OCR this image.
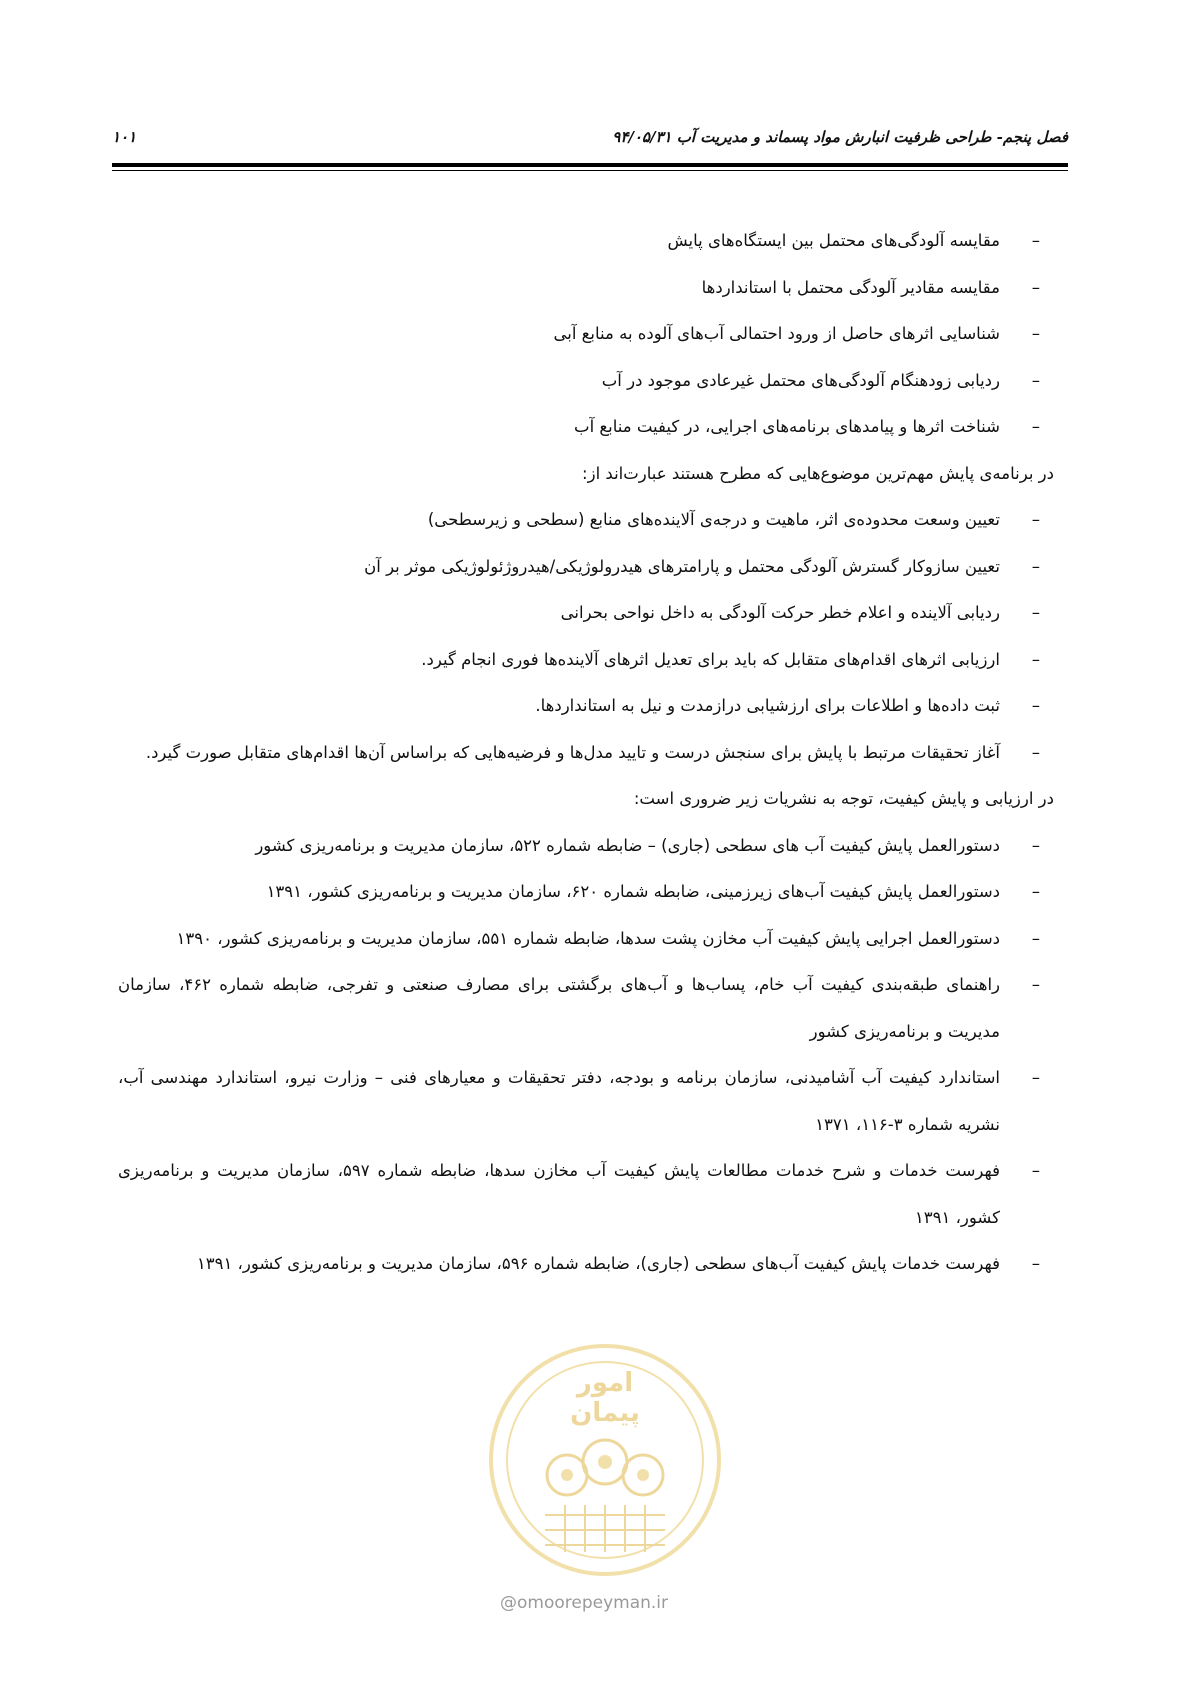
فصل پنجم- طراحی ظرفیت انبارش مواد پسماند و مدیریت آب ۹۴/۰۵/۳۱
۱۰۱

–
مقایسه آلودگی‌های محتمل بین ایستگاه‌های پایش

–
مقایسه مقادیر آلودگی محتمل با استانداردها

–
شناسایی اثرهای حاصل از ورود احتمالی آب‌های آلوده به منابع آبی

–
ردیابی زودهنگام آلودگی‌های محتمل غیرعادی موجود در آب

–
شناخت اثرها و پیامدهای برنامه‌های اجرایی، در کیفیت منابع آب

در برنامه‌ی پایش مهم‌ترین موضوع‌هایی که مطرح هستند عبارت‌اند از:

–
تعیین وسعت محدوده‌ی اثر، ماهیت و درجه‌ی آلاینده‌های منابع (سطحی و زیرسطحی)

–
تعیین سازوکار گسترش آلودگی محتمل و پارامترهای هیدرولوژیکی/هیدروژئولوژیکی موثر بر آن

–
ردیابی آلاینده و اعلام خطر حرکت آلودگی به داخل نواحی بحرانی

–
ارزیابی اثرهای اقدام‌های متقابل که باید برای تعدیل اثرهای آلاینده‌ها فوری انجام گیرد.

–
ثبت داده‌ها و اطلاعات برای ارزشیابی درازمدت و نیل به استانداردها.

–
آغاز تحقیقات مرتبط با پایش برای سنجش درست و تایید مدل‌ها و فرضیه‌هایی که براساس آن‌ها اقدام‌های متقابل صورت گیرد.

در ارزیابی و پایش کیفیت، توجه به نشریات زیر ضروری است:

–
دستورالعمل پایش کیفیت آب های سطحی (جاری) – ضابطه شماره ۵۲۲، سازمان مدیریت و برنامه‌ریزی کشور

–
دستورالعمل پایش کیفیت آب‌های زیرزمینی، ضابطه شماره ۶۲۰، سازمان مدیریت و برنامه‌ریزی کشور، ۱۳۹۱

–
دستورالعمل اجرایی پایش کیفیت آب مخازن پشت سدها، ضابطه شماره ۵۵۱، سازمان مدیریت و برنامه‌ریزی کشور، ۱۳۹۰

–
راهنمای طبقه‌بندی کیفیت آب خام، پساب‌ها و آب‌های برگشتی برای مصارف صنعتی و تفرجی، ضابطه شماره ۴۶۲، سازمان مدیریت و برنامه‌ریزی کشور

–
استاندارد کیفیت آب آشامیدنی، سازمان برنامه و بودجه، دفتر تحقیقات و معیارهای فنی – وزارت نیرو، استاندارد مهندسی آب، نشریه شماره ۳-۱۱۶، ۱۳۷۱

–
فهرست خدمات و شرح خدمات مطالعات پایش کیفیت آب مخازن سدها، ضابطه شماره ۵۹۷، سازمان مدیریت و برنامه‌ریزی کشور، ۱۳۹۱

–
فهرست خدمات پایش کیفیت آب‌های سطحی (جاری)، ضابطه شماره ۵۹۶، سازمان مدیریت و برنامه‌ریزی کشور، ۱۳۹۱

امور پیمان
@omoorepeyman.ir
